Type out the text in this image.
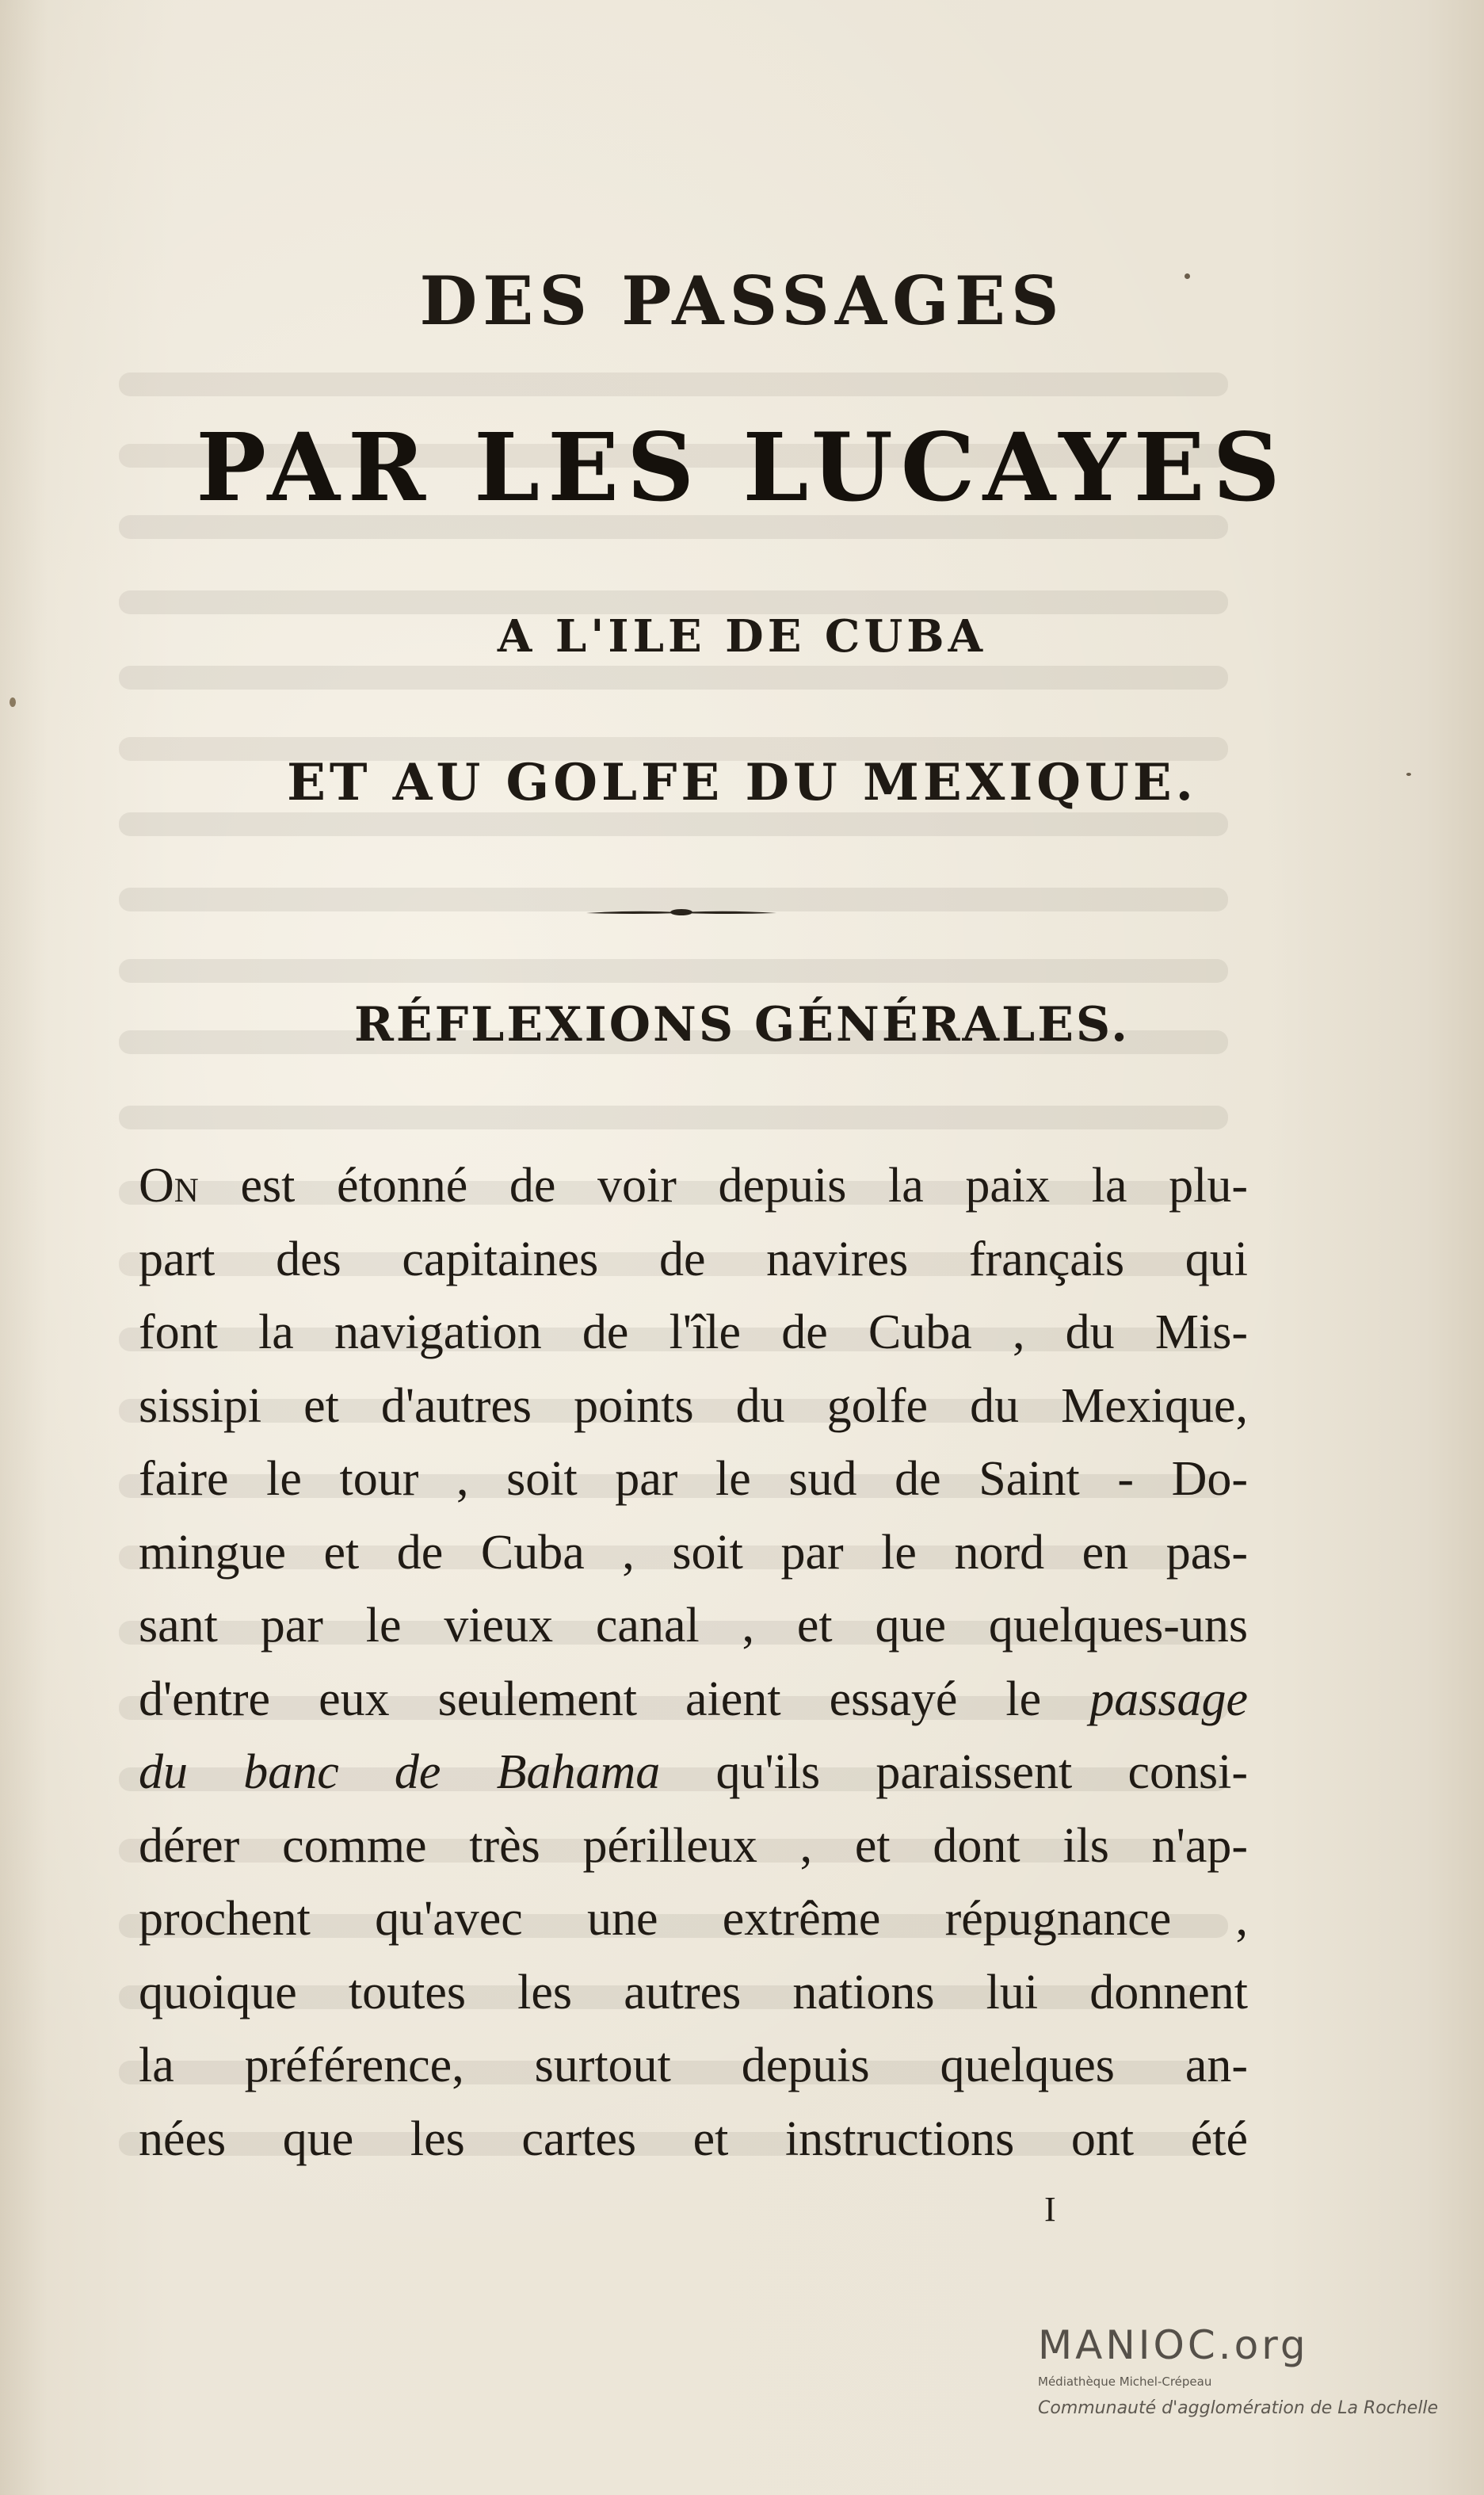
DES PASSAGES
PAR LES LUCAYES
A L'ILE DE CUBA
ET AU GOLFE DU MEXIQUE.
RÉFLEXIONS GÉNÉRALES.
On est étonné de voir depuis la paix la plu-
part des capitaines de navires français qui
font la navigation de l'île de Cuba , du Mis-
sissipi et d'autres points du golfe du Mexique,
faire le tour , soit par le sud de Saint - Do-
mingue et de Cuba , soit par le nord en pas-
sant par le vieux canal , et que quelques-uns
d'entre eux seulement aient essayé le passage
du banc de Bahama qu'ils paraissent consi-
dérer comme très périlleux , et dont ils n'ap-
prochent qu'avec une extrême répugnance ,
quoique toutes les autres nations lui donnent
la préférence, surtout depuis quelques an-
nées que les cartes et instructions ont été
I
MANIOC.org
Médiathèque Michel-Crépeau
Communauté d'agglomération de La Rochelle
